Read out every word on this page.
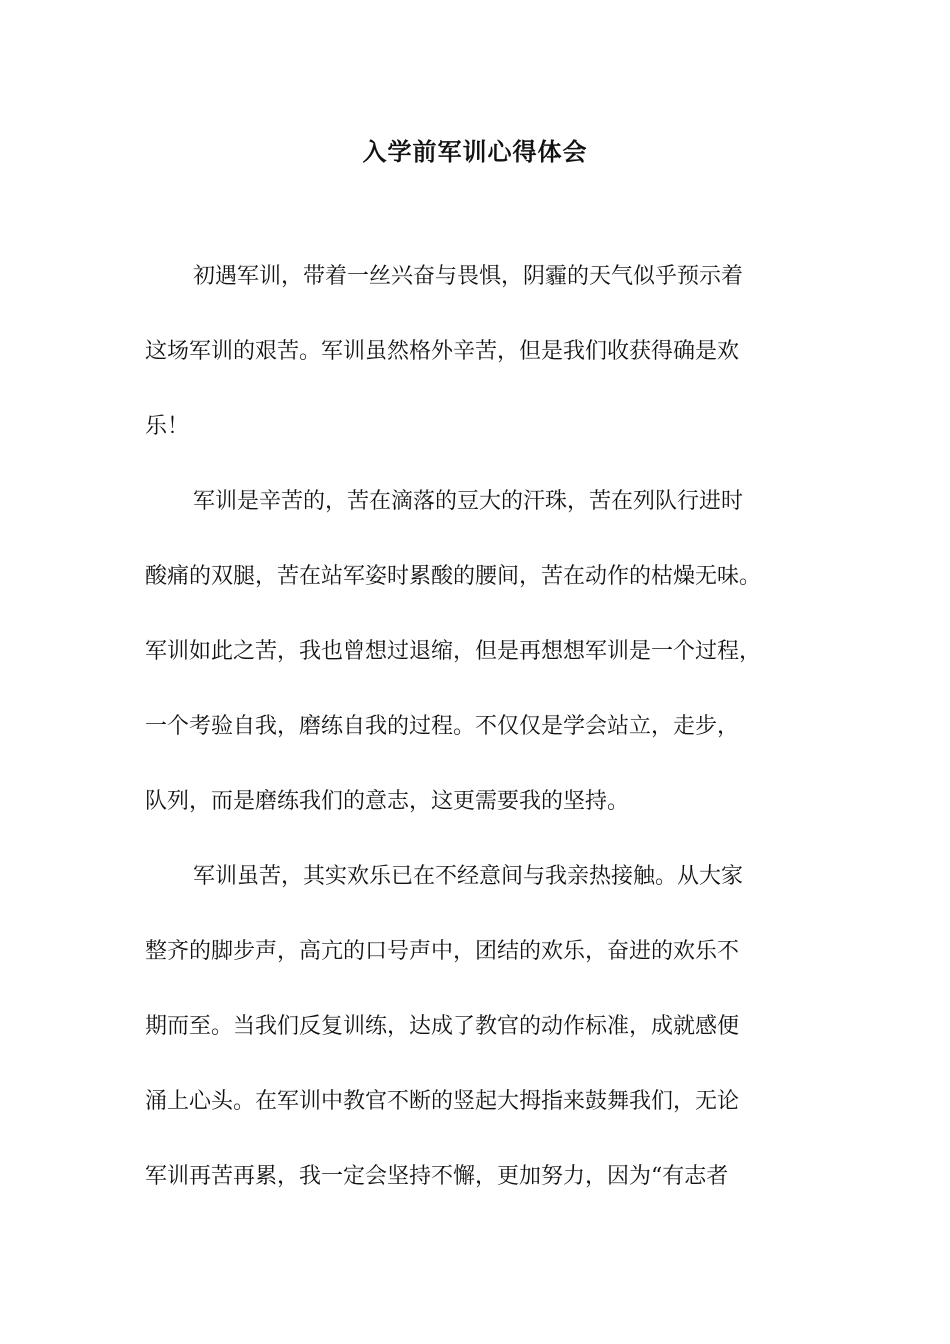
入学前军训心得体会
初遇军训，带着一丝兴奋与畏惧，阴霾的天气似乎预示着
这场军训的艰苦。军训虽然格外辛苦，但是我们收获得确是欢
乐！
军训是辛苦的，苦在滴落的豆大的汗珠，苦在列队行进时
酸痛的双腿，苦在站军姿时累酸的腰间，苦在动作的枯燥无味。
军训如此之苦，我也曾想过退缩，但是再想想军训是一个过程，
一个考验自我，磨练自我的过程。不仅仅是学会站立，走步，
队列，而是磨练我们的意志，这更需要我的坚持。
军训虽苦，其实欢乐已在不经意间与我亲热接触。从大家
整齐的脚步声，高亢的口号声中，团结的欢乐，奋进的欢乐不
期而至。当我们反复训练，达成了教官的动作标准，成就感便
涌上心头。在军训中教官不断的竖起大拇指来鼓舞我们，无论
军训再苦再累，我一定会坚持不懈，更加努力，因为“有志者
